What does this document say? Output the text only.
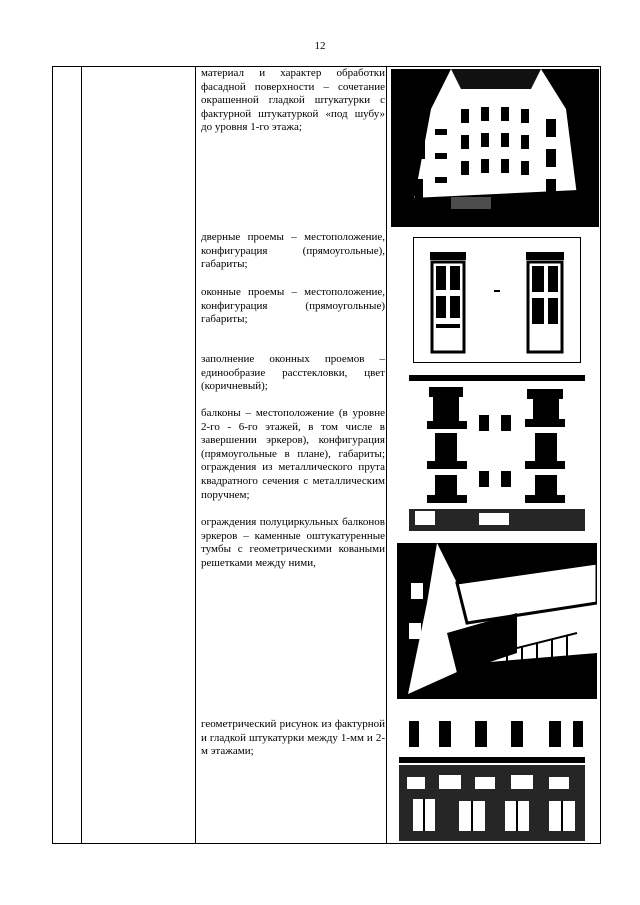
12

материал и характер обработки фасадной поверхности – сочетание окрашенной гладкой штукатурки с фактурной штукатуркой «под шубу» до уровня 1-го этажа;

дверные проемы – местоположение, конфигурация (прямоугольные), габариты;

оконные проемы – местоположение, конфигурация (прямоугольные) габариты;

заполнение оконных проемов – единообразие расстекловки, цвет (коричневый);

балконы – местоположение (в уровне 2-го - 6-го этажей, в том числе в завершении эркеров), конфигурация (прямоугольные в плане), габариты; ограждения из металлического прута квадратного сечения с металлическим поручнем;

ограждения полуциркульных балконов эркеров – каменные оштукатуренные тумбы с геометрическими коваными решетками между ними,

геометрический рисунок из фактурной и гладкой штукатурки между 1-мм и 2-м этажами;
